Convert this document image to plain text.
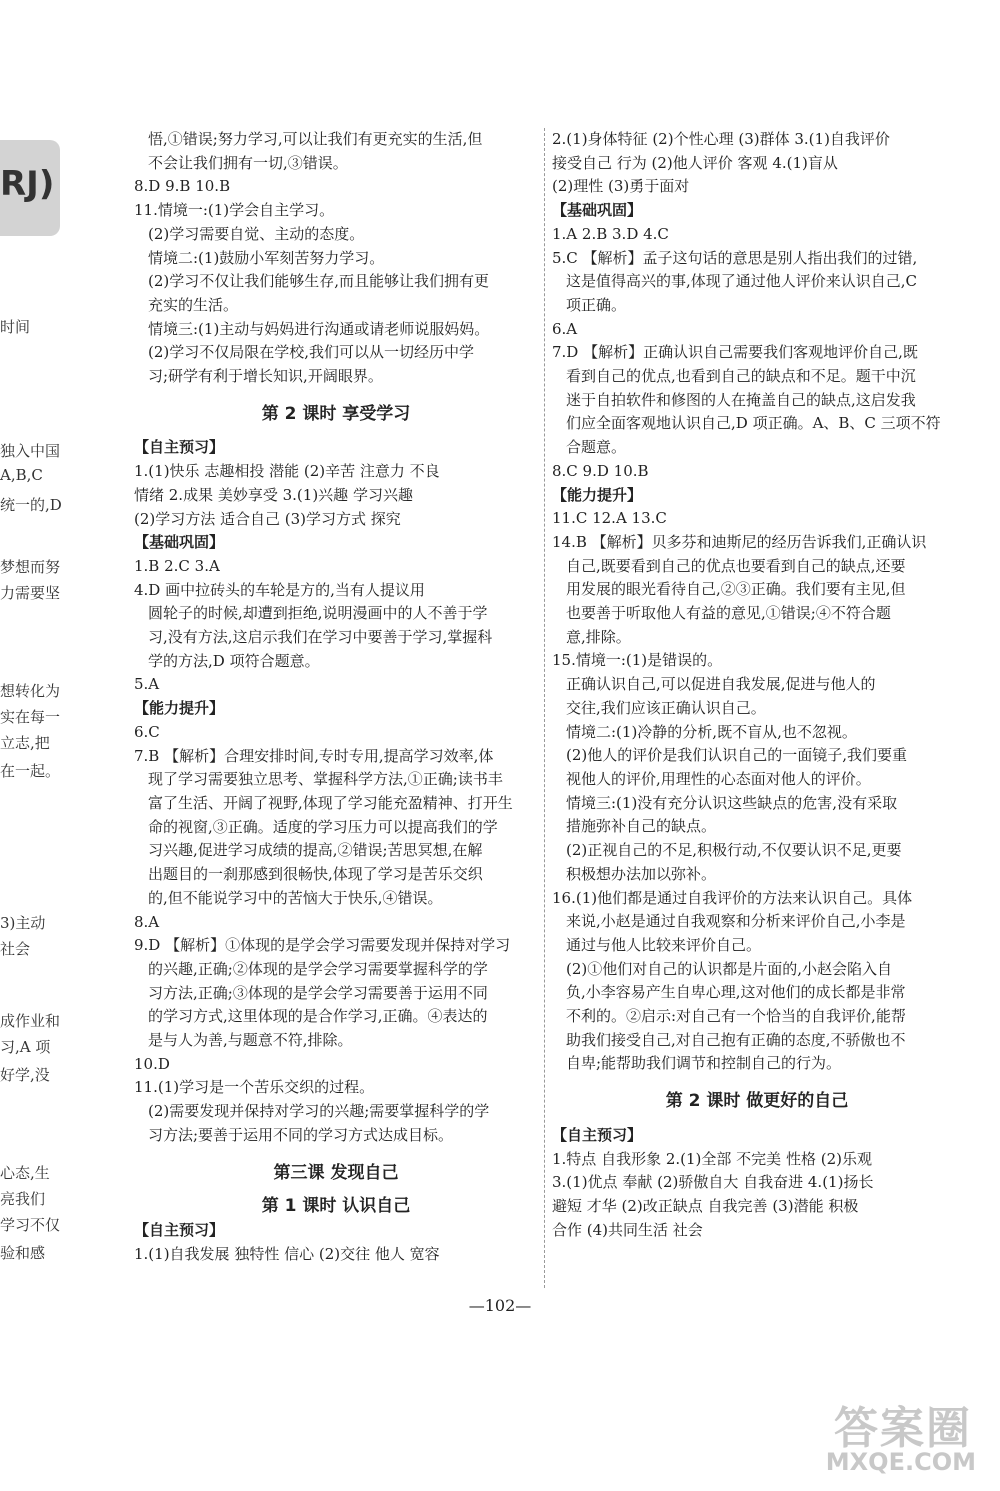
RJ)
时间
独入中国
A,B,C
统一的,D
梦想而努
力需要坚
想转化为
实在每一
立志,把
在一起。
3)主动
社会
成作业和
习,A 项
好学,没
心态,生
亮我们
学习不仅
验和感
悟,①错误;努力学习,可以让我们有更充实的生活,但
不会让我们拥有一切,③错误。
8.D 9.B 10.B
11.情境一:(1)学会自主学习。
(2)学习需要自觉、主动的态度。
情境二:(1)鼓励小军刻苦努力学习。
(2)学习不仅让我们能够生存,而且能够让我们拥有更
充实的生活。
情境三:(1)主动与妈妈进行沟通或请老师说服妈妈。
(2)学习不仅局限在学校,我们可以从一切经历中学
习;研学有利于增长知识,开阔眼界。
第 2 课时 享受学习
【自主预习】
1.(1)快乐 志趣相投 潜能 (2)辛苦 注意力 不良
情绪 2.成果 美妙享受 3.(1)兴趣 学习兴趣
(2)学习方法 适合自己 (3)学习方式 探究
【基础巩固】
1.B 2.C 3.A
4.D 画中拉砖头的车轮是方的,当有人提议用
圆轮子的时候,却遭到拒绝,说明漫画中的人不善于学
习,没有方法,这启示我们在学习中要善于学习,掌握科
学的方法,D 项符合题意。
5.A
【能力提升】
6.C
7.B 【解析】合理安排时间,专时专用,提高学习效率,体
现了学习需要独立思考、掌握科学方法,①正确;读书丰
富了生活、开阔了视野,体现了学习能充盈精神、打开生
命的视窗,③正确。适度的学习压力可以提高我们的学
习兴趣,促进学习成绩的提高,②错误;苦思冥想,在解
出题目的一刹那感到很畅快,体现了学习是苦乐交织
的,但不能说学习中的苦恼大于快乐,④错误。
8.A
9.D 【解析】①体现的是学会学习需要发现并保持对学习
的兴趣,正确;②体现的是学会学习需要掌握科学的学
习方法,正确;③体现的是学会学习需要善于运用不同
的学习方式,这里体现的是合作学习,正确。④表达的
是与人为善,与题意不符,排除。
10.D
11.(1)学习是一个苦乐交织的过程。
(2)需要发现并保持对学习的兴趣;需要掌握科学的学
习方法;要善于运用不同的学习方式达成目标。
第三课 发现自己
第 1 课时 认识自己
【自主预习】
1.(1)自我发展 独特性 信心 (2)交往 他人 宽容
2.(1)身体特征 (2)个性心理 (3)群体 3.(1)自我评价
接受自己 行为 (2)他人评价 客观 4.(1)盲从
(2)理性 (3)勇于面对
【基础巩固】
1.A 2.B 3.D 4.C
5.C 【解析】孟子这句话的意思是别人指出我们的过错,
这是值得高兴的事,体现了通过他人评价来认识自己,C
项正确。
6.A
7.D 【解析】正确认识自己需要我们客观地评价自己,既
看到自己的优点,也看到自己的缺点和不足。题干中沉
迷于自拍软件和修图的人在掩盖自己的缺点,这启发我
们应全面客观地认识自己,D 项正确。A、B、C 三项不符
合题意。
8.C 9.D 10.B
【能力提升】
11.C 12.A 13.C
14.B 【解析】贝多芬和迪斯尼的经历告诉我们,正确认识
自己,既要看到自己的优点也要看到自己的缺点,还要
用发展的眼光看待自己,②③正确。我们要有主见,但
也要善于听取他人有益的意见,①错误;④不符合题
意,排除。
15.情境一:(1)是错误的。
正确认识自己,可以促进自我发展,促进与他人的
交往,我们应该正确认识自己。
情境二:(1)冷静的分析,既不盲从,也不忽视。
(2)他人的评价是我们认识自己的一面镜子,我们要重
视他人的评价,用理性的心态面对他人的评价。
情境三:(1)没有充分认识这些缺点的危害,没有采取
措施弥补自己的缺点。
(2)正视自己的不足,积极行动,不仅要认识不足,更要
积极想办法加以弥补。
16.(1)他们都是通过自我评价的方法来认识自己。具体
来说,小赵是通过自我观察和分析来评价自己,小李是
通过与他人比较来评价自己。
(2)①他们对自己的认识都是片面的,小赵会陷入自
负,小李容易产生自卑心理,这对他们的成长都是非常
不利的。②启示:对自己有一个恰当的自我评价,能帮
助我们接受自己,对自己抱有正确的态度,不骄傲也不
自卑;能帮助我们调节和控制自己的行为。
第 2 课时 做更好的自己
【自主预习】
1.特点 自我形象 2.(1)全部 不完美 性格 (2)乐观
3.(1)优点 奉献 (2)骄傲自大 自我奋进 4.(1)扬长
避短 才华 (2)改正缺点 自我完善 (3)潜能 积极
合作 (4)共同生活 社会
—102—
答案圈
MXQE.COM
